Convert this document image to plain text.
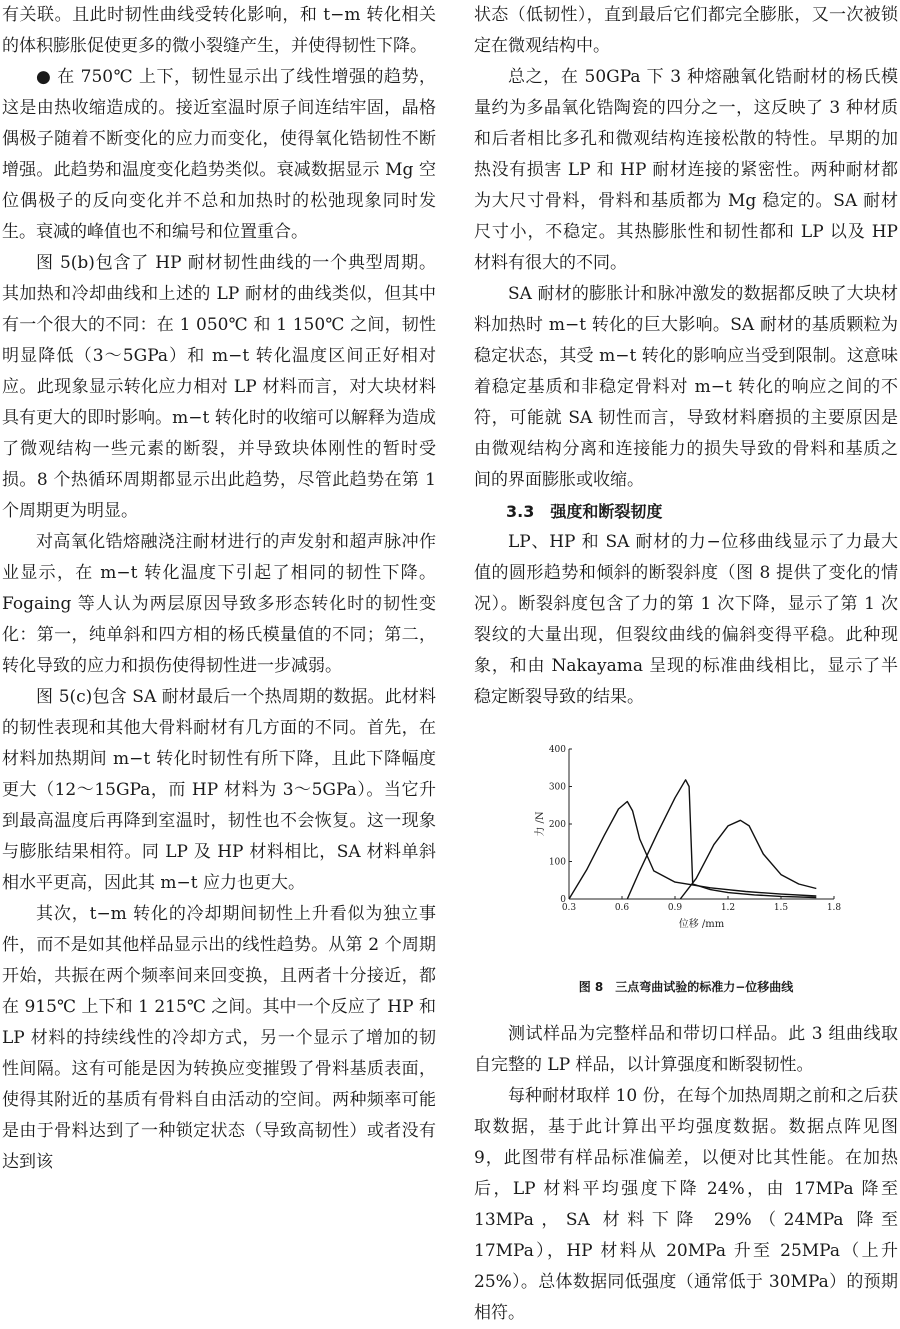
有关联。且此时韧性曲线受转化影响，和 t−m 转化相关的体积膨胀促使更多的微小裂缝产生，并使得韧性下降。

● 在 750℃ 上下，韧性显示出了线性增强的趋势，这是由热收缩造成的。接近室温时原子间连结牢固，晶格偶极子随着不断变化的应力而变化，使得氧化锆韧性不断增强。此趋势和温度变化趋势类似。衰减数据显示 Mg 空位偶极子的反向变化并不总和加热时的松弛现象同时发生。衰减的峰值也不和编号和位置重合。

图 5(b)包含了 HP 耐材韧性曲线的一个典型周期。其加热和冷却曲线和上述的 LP 耐材的曲线类似，但其中有一个很大的不同：在 1 050℃ 和 1 150℃ 之间，韧性明显降低（3～5GPa）和 m−t 转化温度区间正好相对应。此现象显示转化应力相对 LP 材料而言，对大块材料具有更大的即时影响。m−t 转化时的收缩可以解释为造成了微观结构一些元素的断裂，并导致块体刚性的暂时受损。8 个热循环周期都显示出此趋势，尽管此趋势在第 1 个周期更为明显。

对高氧化锆熔融浇注耐材进行的声发射和超声脉冲作业显示，在 m−t 转化温度下引起了相同的韧性下降。Fogaing 等人认为两层原因导致多形态转化时的韧性变化：第一，纯单斜和四方相的杨氏模量值的不同；第二，转化导致的应力和损伤使得韧性进一步减弱。

图 5(c)包含 SA 耐材最后一个热周期的数据。此材料的韧性表现和其他大骨料耐材有几方面的不同。首先，在材料加热期间 m−t 转化时韧性有所下降，且此下降幅度更大（12～15GPa，而 HP 材料为 3～5GPa）。当它升到最高温度后再降到室温时，韧性也不会恢复。这一现象与膨胀结果相符。同 LP 及 HP 材料相比，SA 材料单斜相水平更高，因此其 m−t 应力也更大。

其次，t−m 转化的冷却期间韧性上升看似为独立事件，而不是如其他样品显示出的线性趋势。从第 2 个周期开始，共振在两个频率间来回变换，且两者十分接近，都在 915℃ 上下和 1 215℃ 之间。其中一个反应了 HP 和 LP 材料的持续线性的冷却方式，另一个显示了增加的韧性间隔。这有可能是因为转换应变摧毁了骨料基质表面，使得其附近的基质有骨料自由活动的空间。两种频率可能是由于骨料达到了一种锁定状态（导致高韧性）或者没有达到该

状态（低韧性），直到最后它们都完全膨胀，又一次被锁定在微观结构中。

总之，在 50GPa 下 3 种熔融氧化锆耐材的杨氏模量约为多晶氧化锆陶瓷的四分之一，这反映了 3 种材质和后者相比多孔和微观结构连接松散的特性。早期的加热没有损害 LP 和 HP 耐材连接的紧密性。两种耐材都为大尺寸骨料，骨料和基质都为 Mg 稳定的。SA 耐材尺寸小，不稳定。其热膨胀性和韧性都和 LP 以及 HP 材料有很大的不同。

SA 耐材的膨胀计和脉冲激发的数据都反映了大块材料加热时 m−t 转化的巨大影响。SA 耐材的基质颗粒为稳定状态，其受 m−t 转化的影响应当受到限制。这意味着稳定基质和非稳定骨料对 m−t 转化的响应之间的不符，可能就 SA 韧性而言，导致材料磨损的主要原因是由微观结构分离和连接能力的损失导致的骨料和基质之间的界面膨胀或收缩。

3.3　强度和断裂韧度

LP、HP 和 SA 耐材的力−位移曲线显示了力最大值的圆形趋势和倾斜的断裂斜度（图 8 提供了变化的情况）。断裂斜度包含了力的第 1 次下降，显示了第 1 次裂纹的大量出现，但裂纹曲线的偏斜变得平稳。此种现象，和由 Nakayama 呈现的标准曲线相比，显示了半稳定断裂导致的结果。

0.3	0.6	0.9	1.2	1.5	1.8
0
100
200
300
400
位移 /mm
力 /N
图 8　三点弯曲试验的标准力−位移曲线

测试样品为完整样品和带切口样品。此 3 组曲线取自完整的 LP 样品，以计算强度和断裂韧性。

每种耐材取样 10 份，在每个加热周期之前和之后获取数据，基于此计算出平均强度数据。数据点阵见图 9，此图带有样品标准偏差，以便对比其性能。在加热后，LP 材料平均强度下降 24%，由 17MPa 降至 13MPa，SA 材料下降 29%（24MPa 降至 17MPa），HP 材料从 20MPa 升至 25MPa（上升 25%）。总体数据同低强度（通常低于 30MPa）的预期相符。
